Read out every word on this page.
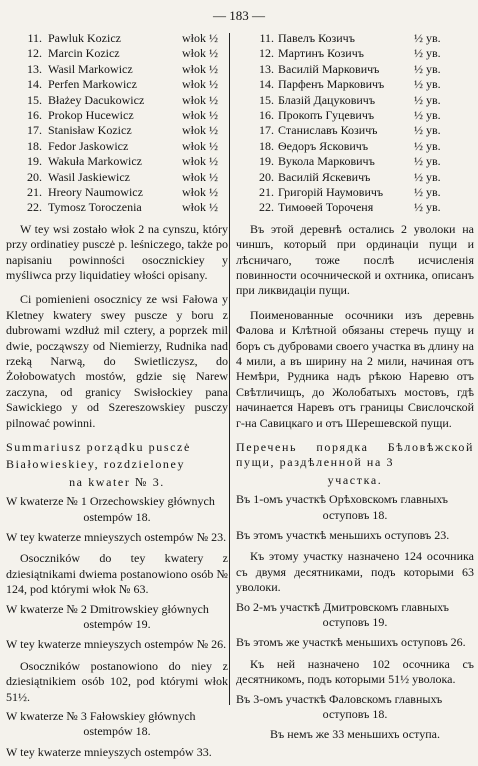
— 183 —
11. Pawluk Kozicz	włok ½
12. Marcin Kozicz	włok ½
13. Wasil Markowicz	włok ½
14. Perfen Markowicz	włok ½
15. Błażey Dacukowicz	włok ½
16. Prokop Hucewicz	włok ½
17. Stanisław Kozicz	włok ½
18. Fedor Jaskowicz	włok ½
19. Wakuła Markowicz	włok ½
20. Wasil Jaskiewicz	włok ½
21. Hreory Naumowicz	włok ½
22. Tymosz Toroczenia	włok ½

W tey wsi zostało włok 2 na cynszu, który przy ordinatiey pusczė p. leśniczego, także po napisaniu powinności osocznickiey y myśliwca przy liquidatiey włości opisany.

Ci pomienieni osocznicy ze wsi Fałowa y Kletney kwatery swey puscze y boru z dubrowami wzdłuż mil cztery, a poprzek mil dwie, począwszy od Niemierzy, Rudnika nad rzeką Narwą, do Swietliczysz, do Żołobowatych mostów, gdzie się Narew zaczyna, od granicy Swisłockiey pana Sawickiego y od Szereszowskiey pusczy pilnować powinni.

Summariusz porządku pusczė
Białowieskiey, rozdzieloney
na kwater № 3.
W kwaterze № 1 Orzechowskiey głównych
ostempów 18.
W tey kwaterze mnieyszych ostempów № 23.

Osoczników do tey kwatery z dziesiątnikami dwiema postanowiono osób № 124, pod którymi włok № 63.

W kwaterze № 2 Dmitrowskiey głównych
ostempów 19.
W tey kwaterze mnieyszych ostempów № 26.

Osoczników postanowiono do niey z dziesiątnikiem osób 102, pod którymi włok 51½.

W kwaterze № 3 Fałowskiey głównych
ostempów 18.
W tey kwaterze mnieyszych ostempów 33.
11. Павелъ Козичъ	½ ув.
12. Мартинъ Козичъ	½ ув.
13. Василій Марковичъ	½ ув.
14. Парфенъ Марковичъ ½ ув.
15. Блазій Дацуковичъ	½ ув.
16. Прокопъ Гуцевичъ	½ ув.
17. Станиславъ Козичъ	½ ув.
18. Ѳедоръ Ясковичъ	½ ув.
19. Вукола Марковичъ	½ ув.
20. Василій Яскевичъ	½ ув.
21. Григорій Наумовичъ	½ ув.
22. Тимоѳей Тороченя	½ ув.

Въ этой деревнѣ остались 2 уволоки на чиншъ, который при ординаціи пущи и лѣсничаго, тоже послѣ исчисленія повинности осочнической и охтника, описанъ при ликвидаціи пущи.

Поименованные осочники изъ деревнь Фалова и Клѣтной обязаны стеречь пущу и боръ съ дубровами своего участка въ длину на 4 мили, а въ ширину на 2 мили, начиная отъ Немѣри, Рудника надъ рѣкою Наревю отъ Свѣтличищъ, до Жолобатыхъ мостовъ, гдѣ начинается Наревъ отъ границы Свислочской г-на Савицкаго и отъ Шерешевской пущи.

Перечень порядка Бѣловѣжской пущи, раздѣленной на 3
участка.
Въ 1-омъ участкѣ Орѣховскомъ главныхъ
оступовъ 18.
Въ этомъ участкѣ меньшихъ оступовъ 23.

Къ этому участку назначено 124 осочника съ двумя десятниками, подъ которыми 63 уволоки.

Во 2-мъ участкѣ Дмитровскомъ главныхъ
оступовъ 19.
Въ этомъ же участкѣ меньшихъ оступовъ 26.

Къ ней назначено 102 осочника съ десятникомъ, подъ которыми 51½ уволока.

Въ 3-омъ участкѣ Фаловскомъ главныхъ
оступовъ 18.
Въ немъ же 33 меньшихъ оступа.
